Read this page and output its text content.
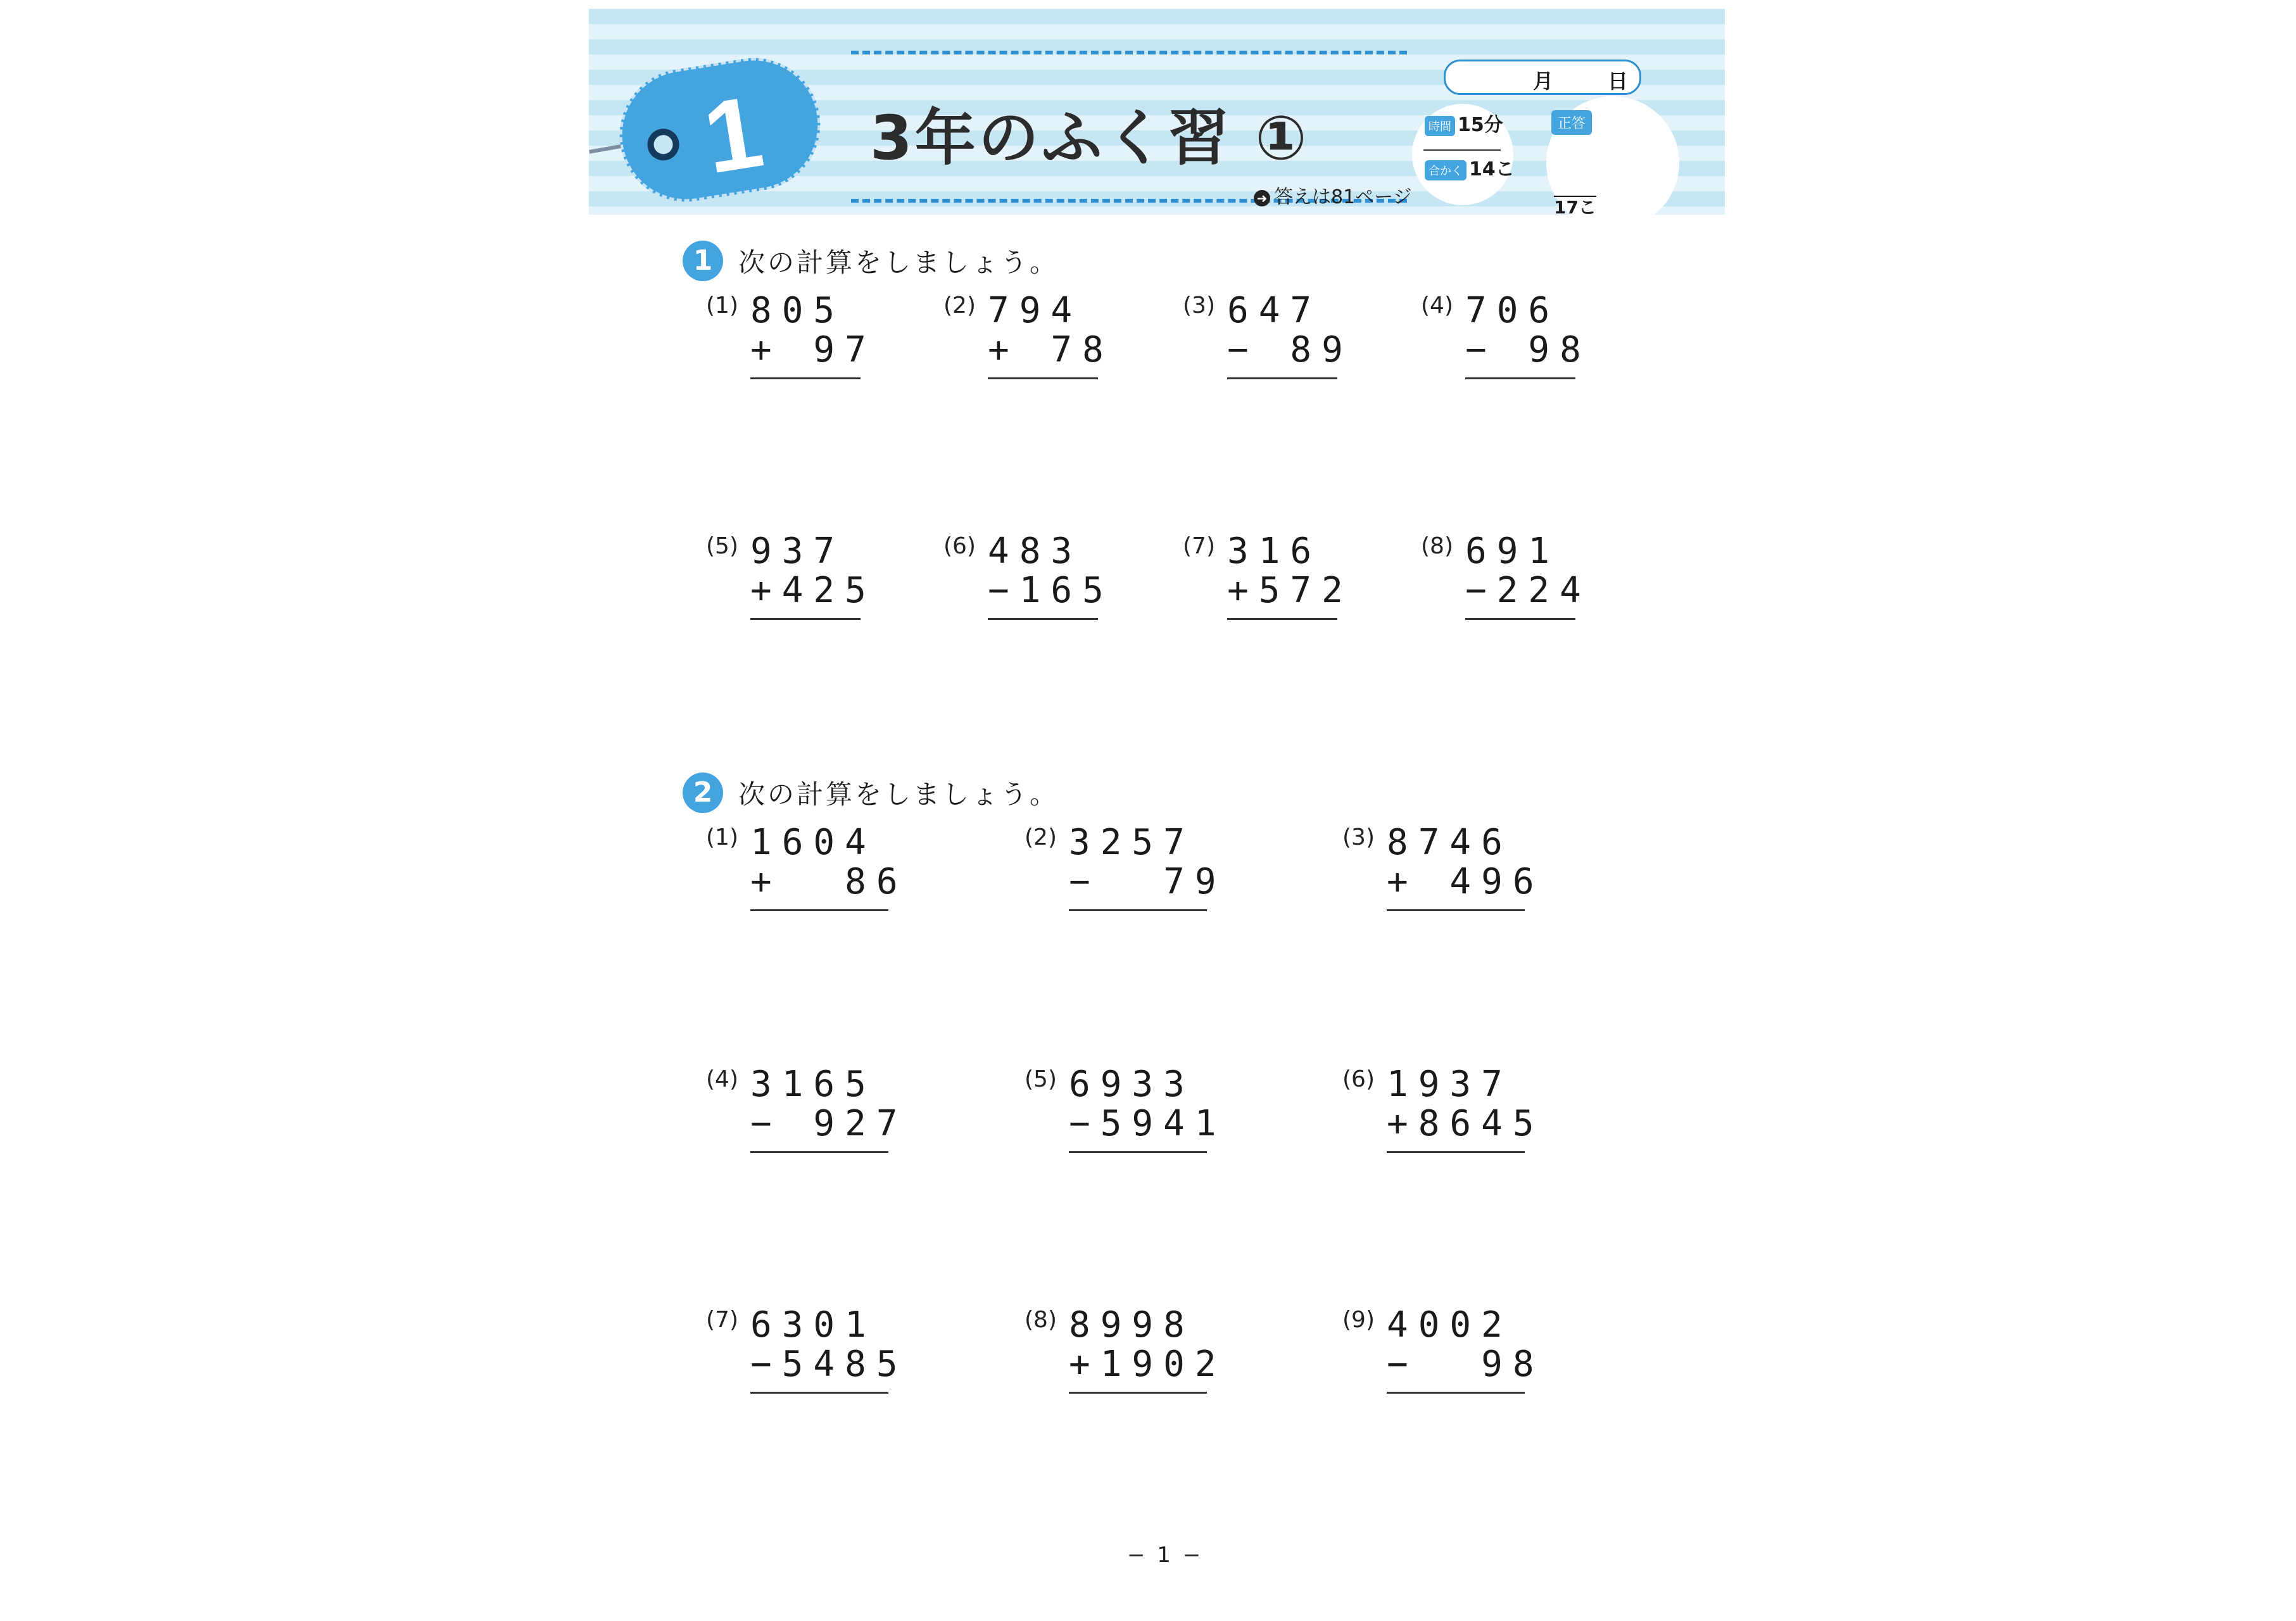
1 3年のふく習 ①
➜ 答えは81ページ
時間 15分
合かく 14こ
月	日
正答
17こ
1 次の計算をしましょう。
(1) 805
+ 97
(2) 794
+ 78
(3) 647
− 89
(4) 706
− 98
(5) 937
+425
(6) 483
−165
(7) 316
+572
(8) 691
−224
2 次の計算をしましょう。
(1) 1604
+  86
(2) 3257
−  79
(3) 8746
+ 496
(4) 3165
− 927
(5) 6933
−5941
(6) 1937
+8645
(7) 6301
−5485
(8) 8998
+1902
(9) 4002
−  98
− 1 −
